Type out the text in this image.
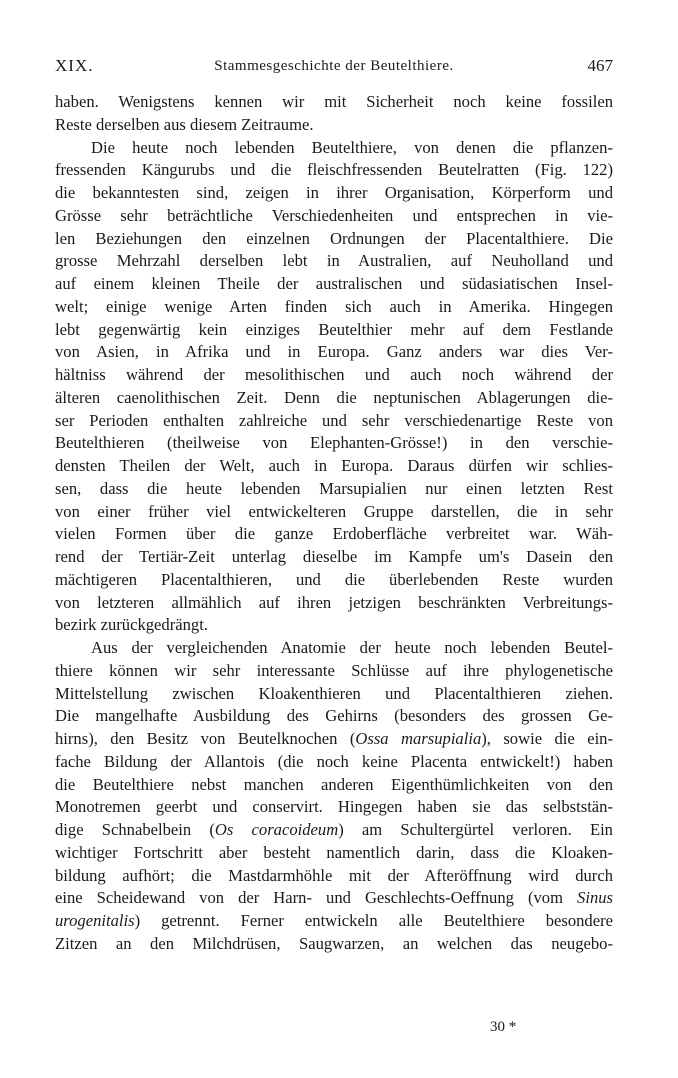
XIX.	Stammesgeschichte der Beutelthiere.	467
haben. Wenigstens kennen wir mit Sicherheit noch keine fossilen
Reste derselben aus diesem Zeitraume.
Die heute noch lebenden Beutelthiere, von denen die pflanzen-
fressenden Kängurubs und die fleischfressenden Beutelratten (Fig. 122)
die bekanntesten sind, zeigen in ihrer Organisation, Körperform und
Grösse sehr beträchtliche Verschiedenheiten und entsprechen in vie-
len Beziehungen den einzelnen Ordnungen der Placentalthiere. Die
grosse Mehrzahl derselben lebt in Australien, auf Neuholland und
auf einem kleinen Theile der australischen und südasiatischen Insel-
welt; einige wenige Arten finden sich auch in Amerika. Hingegen
lebt gegenwärtig kein einziges Beutelthier mehr auf dem Festlande
von Asien, in Afrika und in Europa. Ganz anders war dies Ver-
hältniss während der mesolithischen und auch noch während der
älteren caenolithischen Zeit. Denn die neptunischen Ablagerungen die-
ser Perioden enthalten zahlreiche und sehr verschiedenartige Reste von
Beutelthieren (theilweise von Elephanten-Grösse!) in den verschie-
densten Theilen der Welt, auch in Europa. Daraus dürfen wir schlies-
sen, dass die heute lebenden Marsupialien nur einen letzten Rest
von einer früher viel entwickelteren Gruppe darstellen, die in sehr
vielen Formen über die ganze Erdoberfläche verbreitet war. Wäh-
rend der Tertiär-Zeit unterlag dieselbe im Kampfe um's Dasein den
mächtigeren Placentalthieren, und die überlebenden Reste wurden
von letzteren allmählich auf ihren jetzigen beschränkten Verbreitungs-
bezirk zurückgedrängt.
Aus der vergleichenden Anatomie der heute noch lebenden Beutel-
thiere können wir sehr interessante Schlüsse auf ihre phylogenetische
Mittelstellung zwischen Kloakenthieren und Placentalthieren ziehen.
Die mangelhafte Ausbildung des Gehirns (besonders des grossen Ge-
hirns), den Besitz von Beutelknochen (Ossa marsupialia), sowie die ein-
fache Bildung der Allantois (die noch keine Placenta entwickelt!) haben
die Beutelthiere nebst manchen anderen Eigenthümlichkeiten von den
Monotremen geerbt und conservirt. Hingegen haben sie das selbststän-
dige Schnabelbein (Os coracoideum) am Schultergürtel verloren. Ein
wichtiger Fortschritt aber besteht namentlich darin, dass die Kloaken-
bildung aufhört; die Mastdarmhöhle mit der Afteröffnung wird durch
eine Scheidewand von der Harn- und Geschlechts-Oeffnung (vom Sinus
urogenitalis) getrennt. Ferner entwickeln alle Beutelthiere besondere
Zitzen an den Milchdrüsen, Saugwarzen, an welchen das neugebo-
30 *
